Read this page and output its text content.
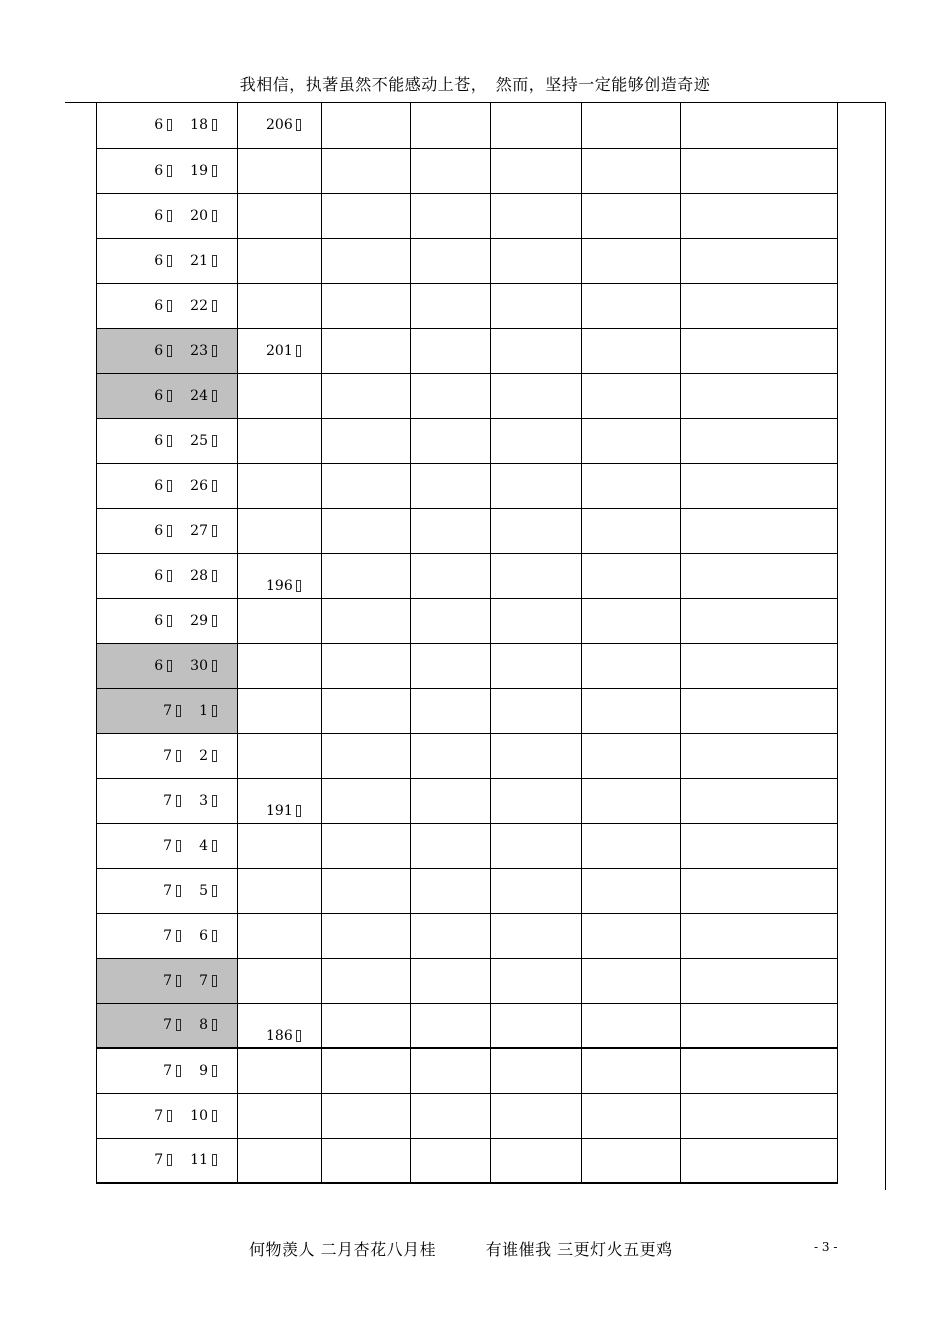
我相信，执著虽然不能感动上苍，　然而，坚持一定能够创造奇迹
6 18	206					

6 19						

6 20						

6 21						

6 22						

6 23	201					

6 24						

6 25						

6 26						

6 27						

6 28	196					

6 29						

6 30						

7 1						

7 2						

7 3	191					

7 4						

7 5						

7 6						

7 7						

7 8	186					

7 9						

7 10						

7 11						

何物羡人 二月杏花八月桂　　　有谁催我 三更灯火五更鸡	- 3 -
